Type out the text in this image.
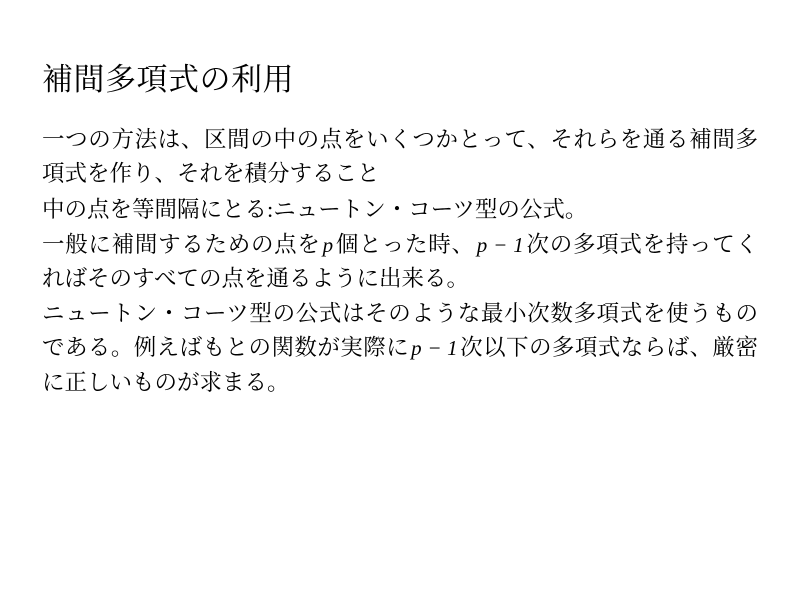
補間多項式の利用

一つの方法は、区間の中の点をいくつかとって、それらを通る補間多項式を作り、それを積分すること

中の点を等間隔にとる:ニュートン・コーツ型の公式。

一般に補間するための点をp個とった時、p − 1次の多項式を持ってくればそのすべての点を通るように出来る。

ニュートン・コーツ型の公式はそのような最小次数多項式を使うものである。例えばもとの関数が実際にp − 1次以下の多項式ならば、厳密に正しいものが求まる。
